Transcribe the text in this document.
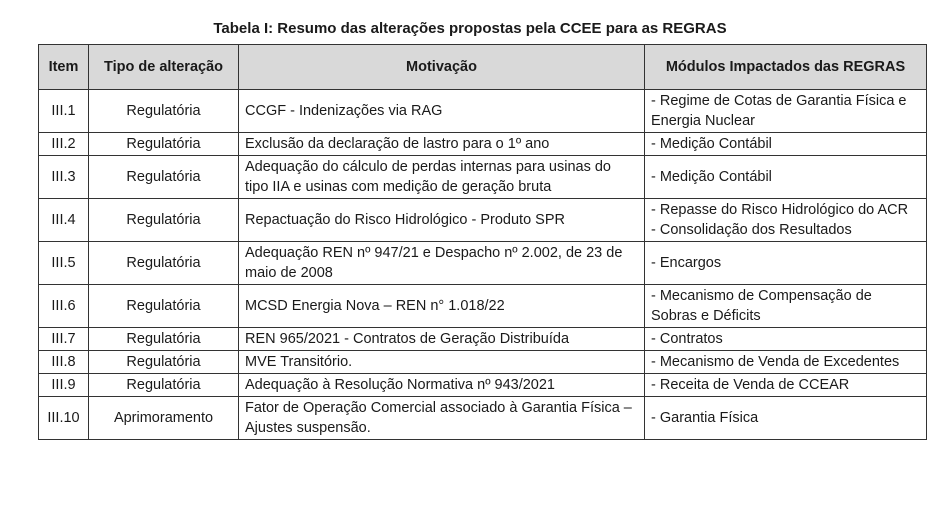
Tabela I: Resumo das alterações propostas pela CCEE para as REGRAS
Item	Tipo de alteração	Motivação	Módulos Impactados das REGRAS
III.1	Regulatória	CCGF - Indenizações via RAG	- Regime de Cotas de Garantia Física e Energia Nuclear

III.2	Regulatória	Exclusão da declaração de lastro para o 1º ano	- Medição Contábil

III.3	Regulatória	Adequação do cálculo de perdas internas para usinas do tipo IIA e usinas com medição de geração bruta	- Medição Contábil

III.4	Regulatória	Repactuação do Risco Hidrológico - Produto SPR	- Repasse do Risco Hidrológico do ACR
- Consolidação dos Resultados

III.5	Regulatória	Adequação REN nº 947/21 e Despacho nº 2.002, de 23 de maio de 2008	- Encargos

III.6	Regulatória	MCSD Energia Nova – REN n° 1.018/22	- Mecanismo de Compensação de Sobras e Déficits

III.7	Regulatória	REN 965/2021 - Contratos de Geração Distribuída	- Contratos

III.8	Regulatória	MVE Transitório.	- Mecanismo de Venda de Excedentes

III.9	Regulatória	Adequação à Resolução Normativa nº 943/2021	- Receita de Venda de CCEAR

III.10	Aprimoramento	Fator de Operação Comercial associado à Garantia Física – Ajustes suspensão.	- Garantia Física
